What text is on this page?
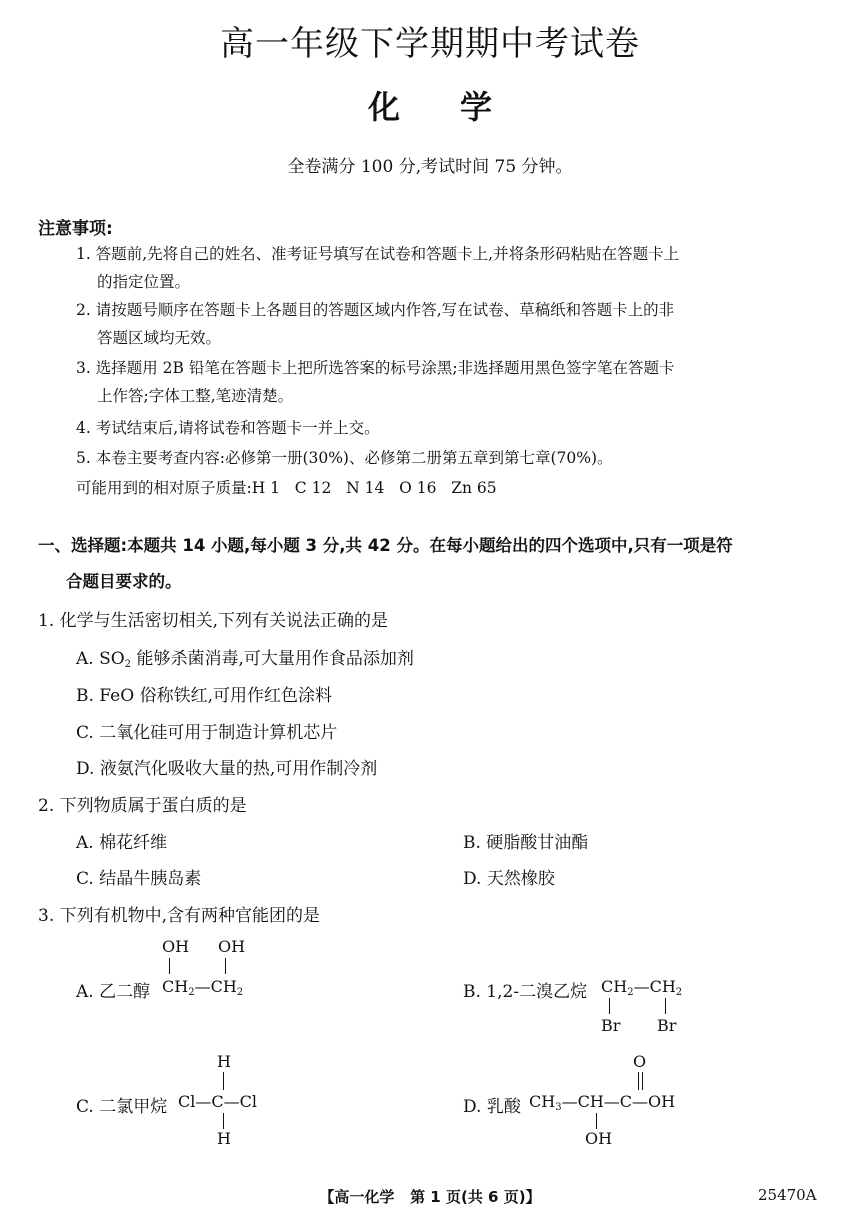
高一年级下学期期中考试卷
化学
全卷满分 100 分,考试时间 75 分钟。
注意事项:
1. 答题前,先将自己的姓名、准考证号填写在试卷和答题卡上,并将条形码粘贴在答题卡上
的指定位置。
2. 请按题号顺序在答题卡上各题目的答题区域内作答,写在试卷、草稿纸和答题卡上的非
答题区域均无效。
3. 选择题用 2B 铅笔在答题卡上把所选答案的标号涂黑;非选择题用黑色签字笔在答题卡
上作答;字体工整,笔迹清楚。
4. 考试结束后,请将试卷和答题卡一并上交。
5. 本卷主要考查内容:必修第一册(30%)、必修第二册第五章到第七章(70%)。
可能用到的相对原子质量:H 1   C 12   N 14   O 16   Zn 65
一、选择题:本题共 14 小题,每小题 3 分,共 42 分。在每小题给出的四个选项中,只有一项是符
合题目要求的。
1. 化学与生活密切相关,下列有关说法正确的是
A. $SO_2$ 能够杀菌消毒,可大量用作食品添加剂
B. FeO 俗称铁红,可用作红色涂料
C. 二氧化硅可用于制造计算机芯片
D. 液氨汽化吸收大量的热,可用作制冷剂
2. 下列物质属于蛋白质的是
A. 棉花纤维	B. 硬脂酸甘油酯
C. 结晶牛胰岛素	D. 天然橡胶
3. 下列有机物中,含有两种官能团的是
A. 乙二醇
OH OH
$CH_2—CH_2$	B. 1,2-二溴乙烷 $CH_2—CH_2$
Br Br
C. 二氯甲烷
H
Cl—C—Cl
H
D. 乳酸
O
$CH_3—CH—C—OH$
OH
【高一化学   第 1 页(共 6 页)】	25470A
